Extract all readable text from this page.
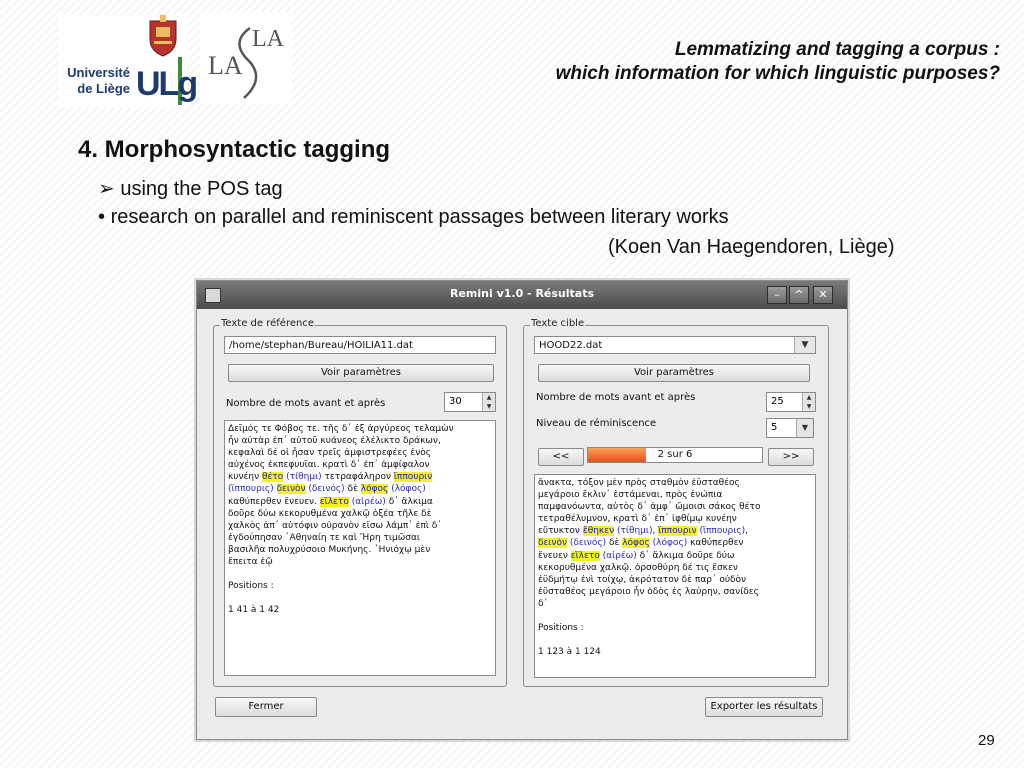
Université
de Liège ULg LA
LA	Lemmatizing and tagging a corpus :
which information for which linguistic purposes?
4. Morphosyntactic tagging
➢ using the POS tag
• research on parallel and reminiscent passages between literary works
(Koen Van Haegendoren, Liège)
Remini v1.0 - Résultats	–	^	✕
Texte de référence
/home/stephan/Bureau/HOILIA11.dat
Voir paramètres
Nombre de mots avant et après	30	▲
▼
Δεῖμός τε Φόβος τε. τῆς δ᾽ ἐξ ἀργύρεος τελαμὼν
ἦν αὐτὰρ ἐπ᾽ αὐτοῦ κυάνεος ἐλέλικτο δράκων,
κεφαλαὶ δέ οἱ ἦσαν τρεῖς ἀμφιστρεφέες ἑνὸς
αὐχένος ἐκπεφυυῖαι. κρατὶ δ᾽ ἐπ᾽ ἀμφίφαλον
κυνέην θέτο (τίθημι) τετραφάληρον ἵππουριν
(ἵππουρις) δεινὸν (δεινός) δὲ λόφος (λόφος)
καθύπερθεν ἔνευεν. εἵλετο (αἱρέω) δ᾽ ἄλκιμα
δοῦρε δύω κεκορυθμένα χαλκῷ ὀξέα τῆλε δὲ
χαλκὸς ἀπ᾽ αὐτόφιν οὐρανὸν εἴσω λάμπ᾽ ἐπὶ δ᾽
ἐγδούπησαν ᾿Αθηναίη τε καὶ Ἥρη τιμῶσαι
βασιλῆα πολυχρύσοιο Μυκήνης. ᾿Ηνιόχῳ μὲν
ἔπειτα ἐῷ

Positions :

1 41 à 1 42
Texte cible
HOOD22.dat	▼
Voir paramètres
Nombre de mots avant et après	25	▲
▼
Niveau de réminiscence	5	▼
<<	>>
ἄνακτα, τόξον μὲν πρὸς σταθμὸν ἐϋσταθέος
μεγάροιο ἔκλιν᾽ ἑστάμεναι, πρὸς ἐνώπια
παμφανόωντα, αὐτὸς δ᾽ ἀμφ᾽ ὤμοισι σάκος θέτο
τετραθέλυμνον, κρατὶ δ᾽ ἐπ᾽ ἰφθίμῳ κυνέην
εὔτυκτον ἔθηκεν (τίθημι), ἵππουριν (ἵππουρις),
δεινὸν (δεινός) δὲ λόφος (λόφος) καθύπερθεν
ἔνευεν εἵλετο (αἱρέω) δ᾽ ἄλκιμα δοῦρε δύω
κεκορυθμένα χαλκῷ. ὀρσοθύρη δέ τις ἔσκεν
ἐϋδμήτῳ ἐνὶ τοίχῳ, ἀκρότατον δὲ παρ᾽ οὐδὸν
ἐϋσταθέος μεγάροιο ἦν ὁδὸς ἐς λαύρην, σανίδες
δ᾽

Positions :

1 123 à 1 124
2 sur 6
Fermer	Exporter les résultats
29
